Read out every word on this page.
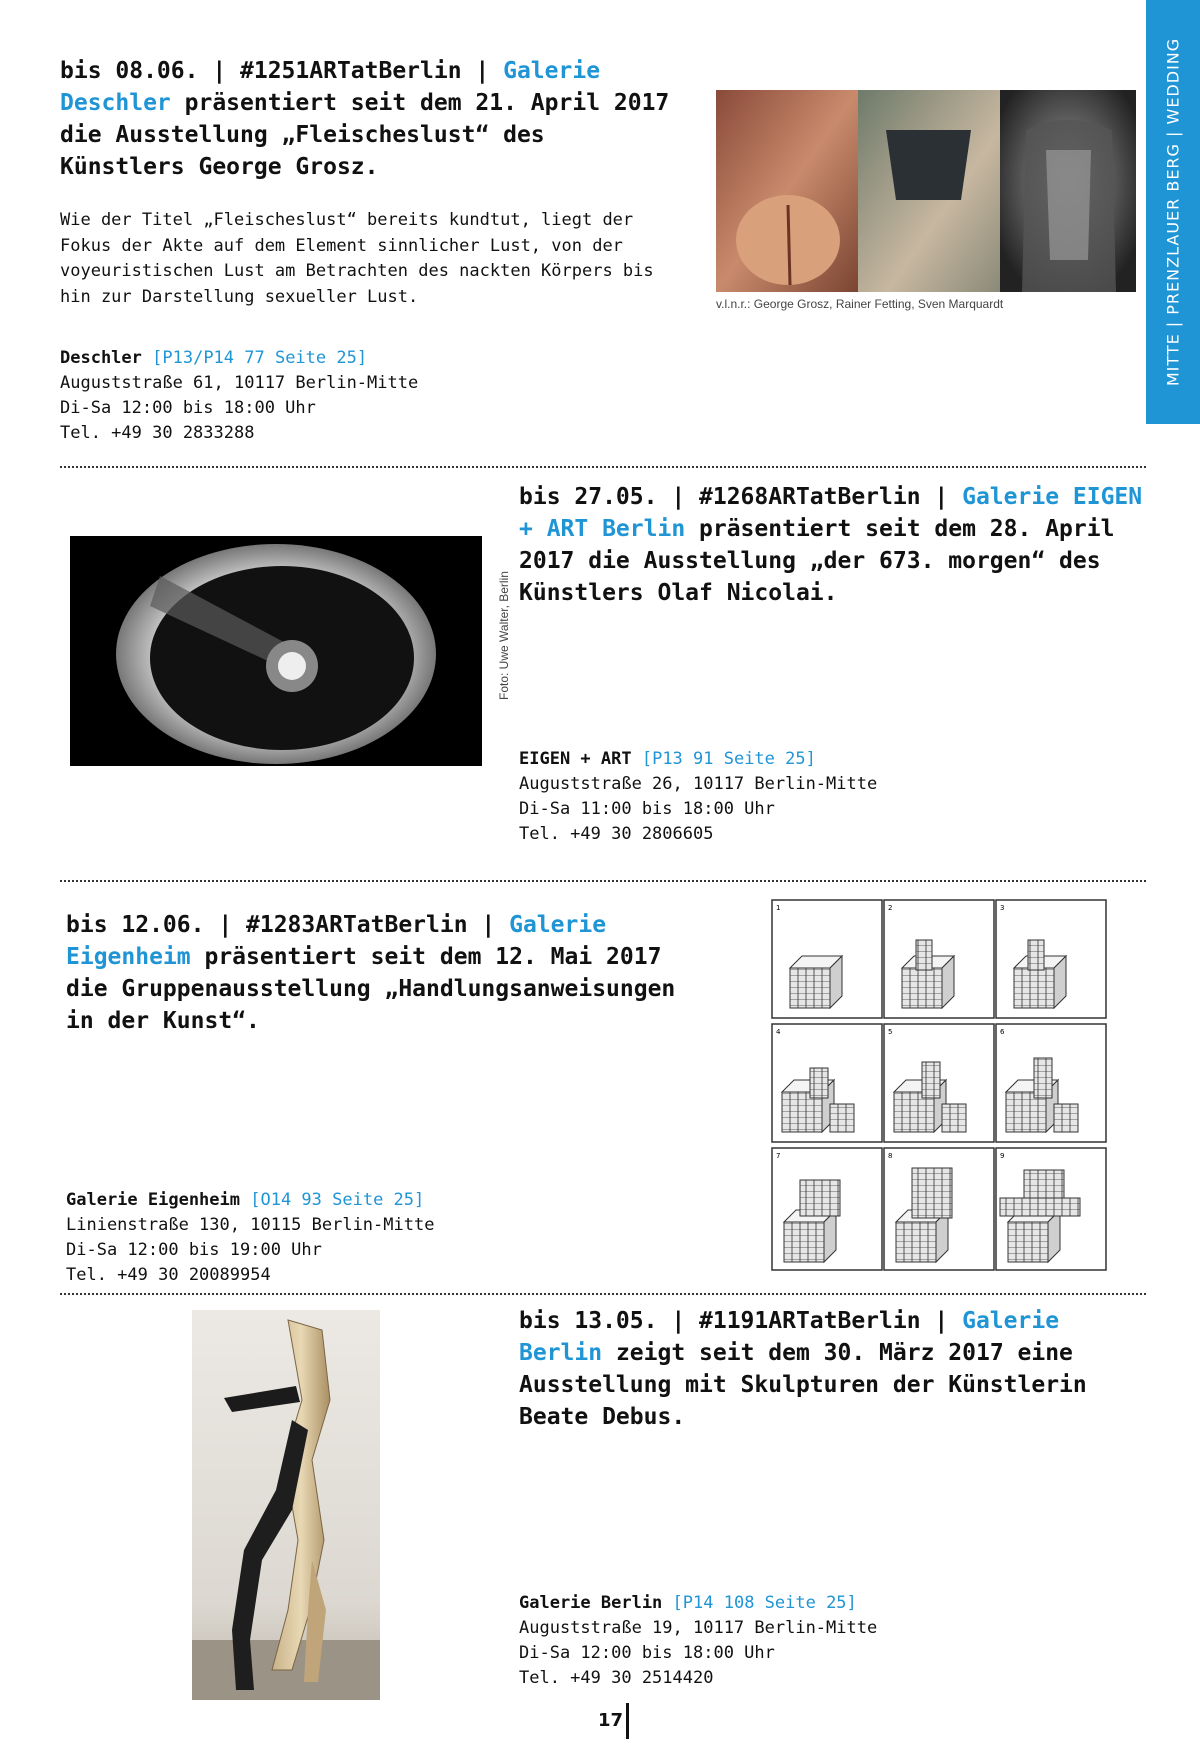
MITTE | PRENZLAUER BERG | WEDDING

bis 08.06. | #1251ARTatBerlin | Galerie Deschler präsentiert seit dem 21. April 2017 die Ausstellung „Fleischeslust“ des Künstlers George Grosz.

Wie der Titel „Fleischeslust“ bereits kundtut, liegt der Fokus der Akte auf dem Element sinnlicher Lust, von der voyeuristischen Lust am Betrachten des nackten Körpers bis hin zur Darstellung sexueller Lust.	v.l.n.r.: George Grosz, Rainer Fetting, Sven Marquardt
Deschler [P13/P14 77 Seite 25]
Auguststraße 61, 10117 Berlin-Mitte
Di-Sa 12:00 bis 18:00 Uhr
Tel. +49 30 2833288
Foto: Uwe Walter, Berlin

bis 27.05. | #1268ARTatBerlin | Galerie EIGEN + ART Berlin präsentiert seit dem 28. April 2017 die Ausstellung „der 673. morgen“ des Künstlers Olaf Nicolai.

EIGEN + ART [P13 91 Seite 25]
Auguststraße 26, 10117 Berlin-Mitte
Di-Sa 11:00 bis 18:00 Uhr
Tel. +49 30 2806605

bis 12.06. | #1283ARTatBerlin | Galerie Eigenheim präsentiert seit dem 12. Mai 2017 die Gruppenausstellung „Handlungsanweisungen in der Kunst“.

1	2	3
4	5	6
7	8	9
Galerie Eigenheim [O14 93 Seite 25]
Linienstraße 130, 10115 Berlin-Mitte
Di-Sa 12:00 bis 19:00 Uhr
Tel. +49 30 20089954

bis 13.05. | #1191ARTatBerlin | Galerie Berlin zeigt seit dem 30. März 2017 eine Ausstellung mit Skulpturen der Künstlerin Beate Debus.

Galerie Berlin [P14 108 Seite 25]
Auguststraße 19, 10117 Berlin-Mitte
Di-Sa 12:00 bis 18:00 Uhr
Tel. +49 30 2514420
17
